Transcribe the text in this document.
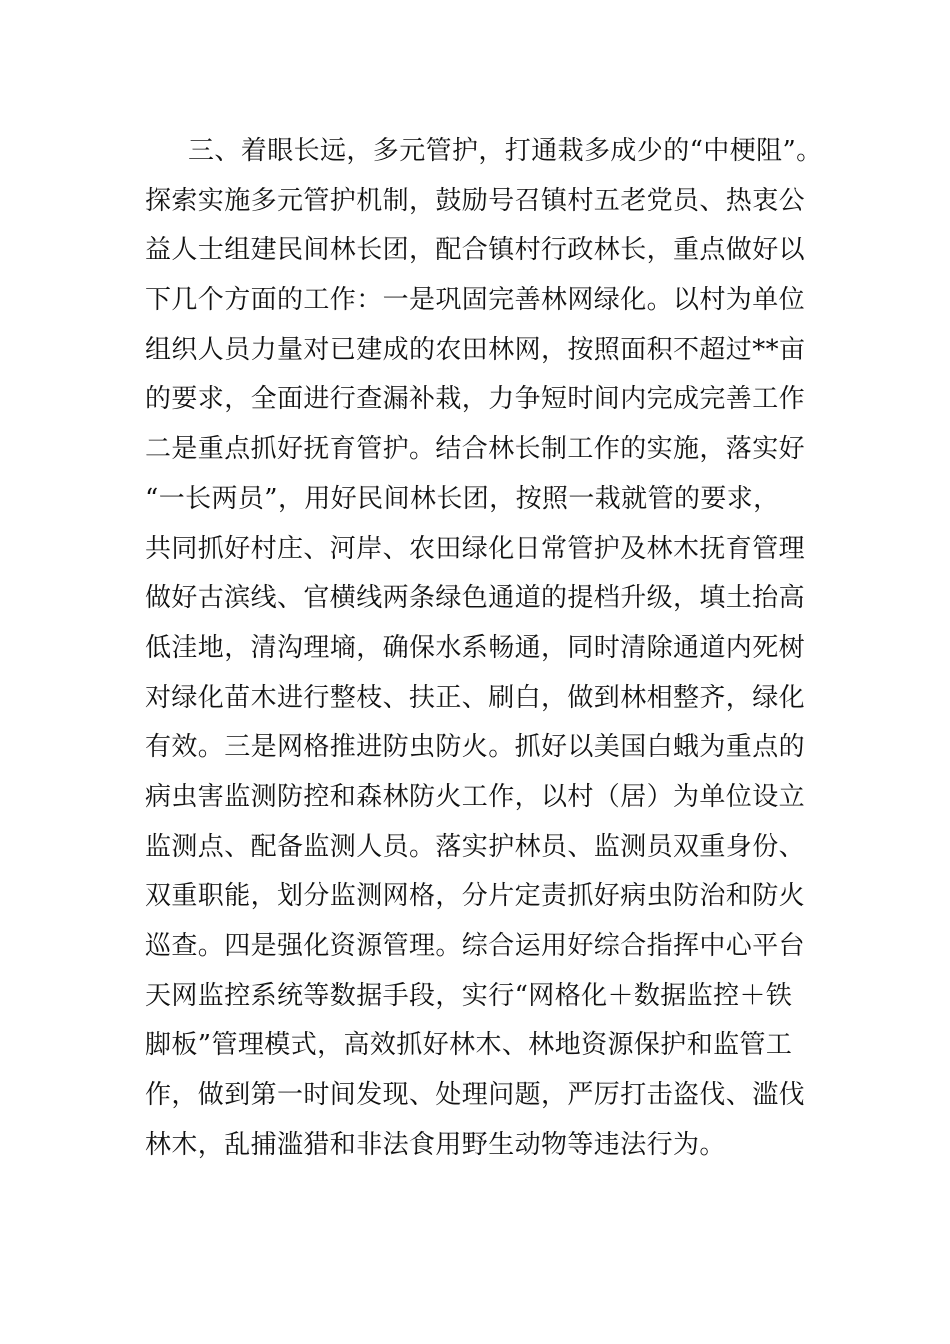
三、着眼长远，多元管护，打通栽多成少的“中梗阻”。
探索实施多元管护机制，鼓励号召镇村五老党员、热衷公
益人士组建民间林长团，配合镇村行政林长，重点做好以
下几个方面的工作：一是巩固完善林网绿化。以村为单位
组织人员力量对已建成的农田林网，按照面积不超过**亩
的要求，全面进行查漏补栽，力争短时间内完成完善工作
二是重点抓好抚育管护。结合林长制工作的实施，落实好
“一长两员”，用好民间林长团，按照一栽就管的要求，
共同抓好村庄、河岸、农田绿化日常管护及林木抚育管理
做好古滨线、官横线两条绿色通道的提档升级，填土抬高
低洼地，清沟理墒，确保水系畅通，同时清除通道内死树
对绿化苗木进行整枝、扶正、刷白，做到林相整齐，绿化
有效。三是网格推进防虫防火。抓好以美国白蛾为重点的
病虫害监测防控和森林防火工作，以村（居）为单位设立
监测点、配备监测人员。落实护林员、监测员双重身份、
双重职能，划分监测网格，分片定责抓好病虫防治和防火
巡查。四是强化资源管理。综合运用好综合指挥中心平台
天网监控系统等数据手段，实行“网格化＋数据监控＋铁
脚板”管理模式，高效抓好林木、林地资源保护和监管工
作，做到第一时间发现、处理问题，严厉打击盗伐、滥伐
林木，乱捕滥猎和非法食用野生动物等违法行为。
